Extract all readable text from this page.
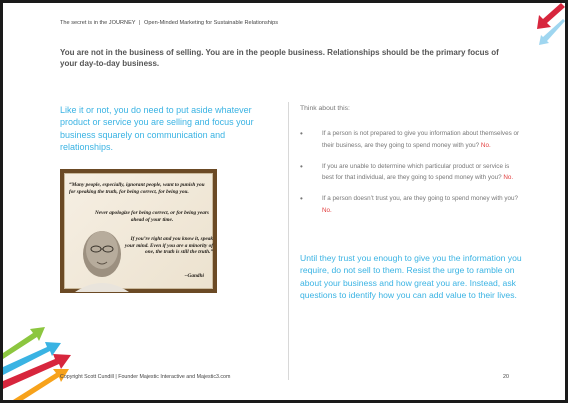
The secret is in the JOURNEY | Open-Minded Marketing for Sustainable Relationships
You are not in the business of selling. You are in the people business. Relationships should be the primary focus of your day-to-day business.
Like it or not, you do need to put aside whatever product or service you are selling and focus your business squarely on communication and relationships.
“Many people, especially, ignorant people, want to punish you for speaking the truth, for being correct, for being you.
Never apologize for being correct, or for being years ahead of your time.
If you’re right and you know it, speak your mind. Even if you are a minority of one, the truth is still the truth.”
~Gandhi
Think about this:
•	If a person is not prepared to give you information about themselves or their business, are they going to spend money with you? No.
•	If you are unable to determine which particular product or service is best for that individual, are they going to spend money with you? No.
•	If a person doesn’t trust you, are they going to spend money with you? No.
Until they trust you enough to give you the information you require, do not sell to them. Resist the urge to ramble on about your business and how great you are. Instead, ask questions to identify how you can add value to their lives.
Copyright Scott Cundill | Founder Majestic Interactive and Majestic3.com	20
